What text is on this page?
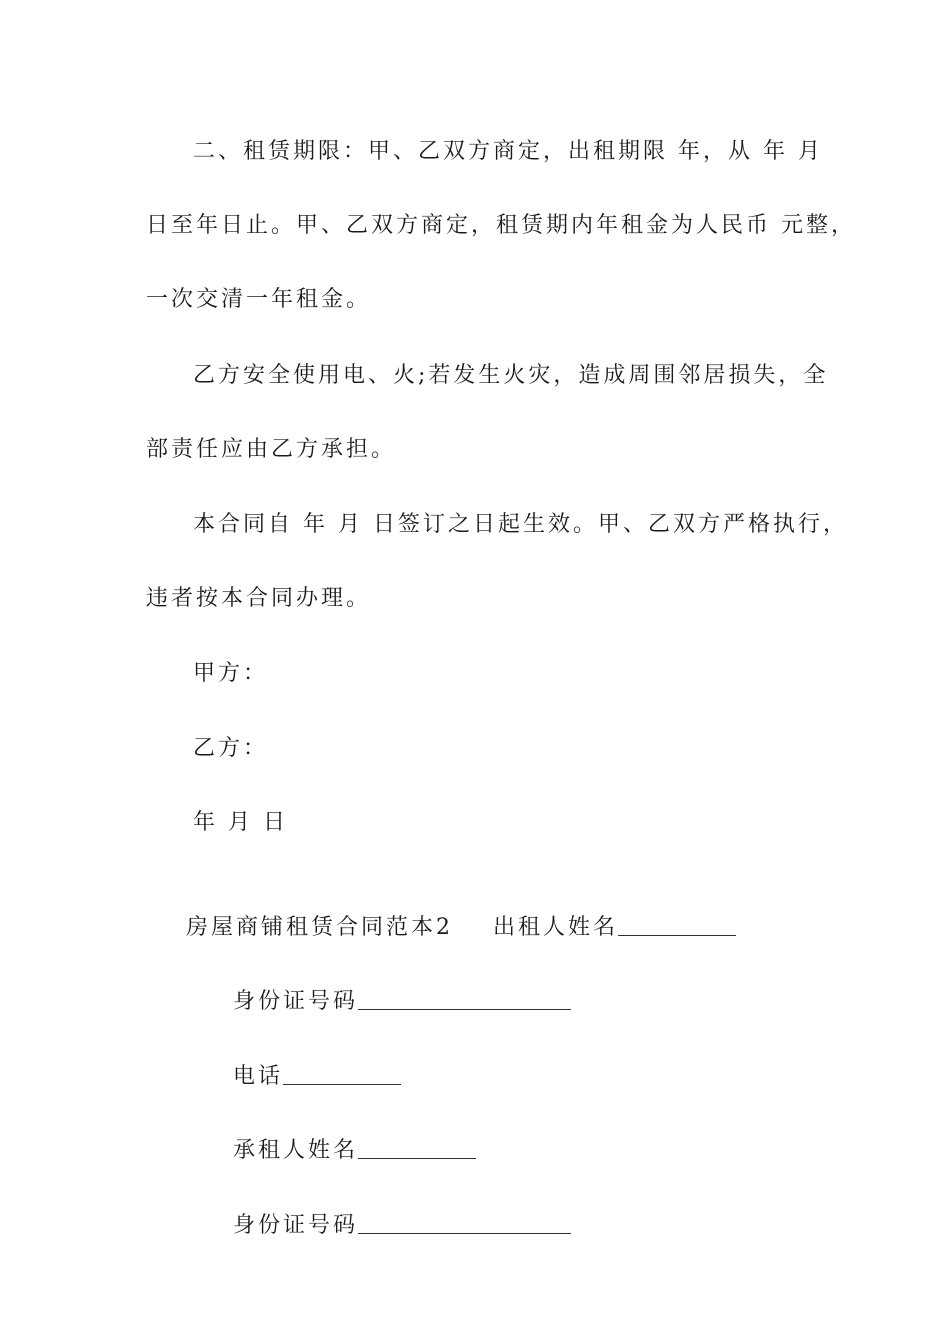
二、租赁期限：甲、乙双方商定，出租期限 年，从 年 月
日至年日止。甲、乙双方商定，租赁期内年租金为人民币 元整，
一次交清一年租金。
乙方安全使用电、火;若发生火灾，造成周围邻居损失，全
部责任应由乙方承担。
本合同自 年 月 日签订之日起生效。甲、乙双方严格执行，
违者按本合同办理。
甲方：
乙方：
年 月 日

房屋商铺租赁合同范本2 出租人姓名

身份证号码

电话

承租人姓名

身份证号码
